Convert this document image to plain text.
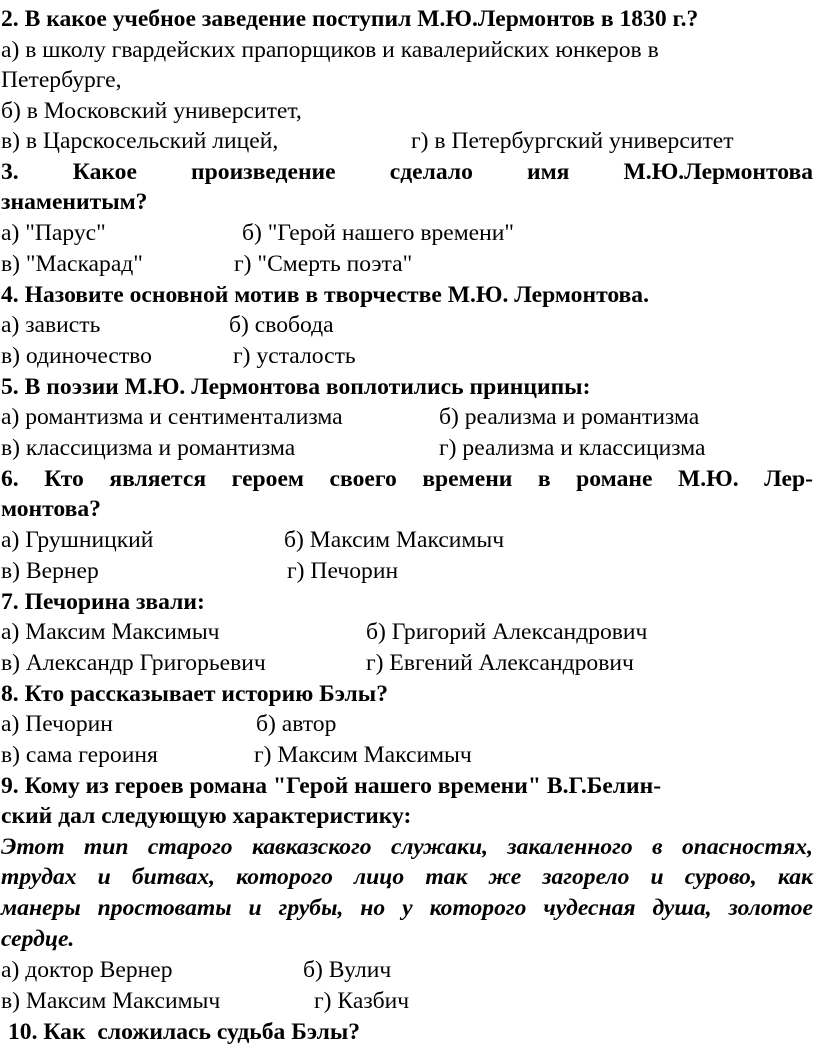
2. В какое учебное заведение поступил М.Ю.Лермонтов в 1830 г.?
а) в школу гвардейских прапорщиков и кавалерийских юнкеров в
Петербурге,
б) в Московский университет,
в) в Царскосельский лицей,	г) в Петербургский университет
3. Какое произведение сделало имя М.Ю.Лермонтова
знаменитым?
а) "Парус"	б) "Герой нашего времени"
в) "Маскарад"	г) "Смерть поэта"
4. Назовите основной мотив в творчестве М.Ю. Лермонтова.
а) зависть	б) свобода
в) одиночество	г) усталость
5. В поэзии М.Ю. Лермонтова воплотились принципы:
а) романтизма и сентиментализма	б) реализма и романтизма
в) классицизма и романтизма	г) реализма и классицизма
6. Кто является героем своего времени в романе М.Ю. Лер-
монтова?
а) Грушницкий	б) Максим Максимыч
в) Вернер	г) Печорин
7. Печорина звали:
а) Максим Максимыч	б) Григорий Александрович
в) Александр Григорьевич	г) Евгений Александрович
8. Кто рассказывает историю Бэлы?
а) Печорин	б) автор
в) сама героиня	г) Максим Максимыч
9. Кому из героев романа "Герой нашего времени" В.Г.Белин-
ский дал следующую характеристику:
Этот тип старого кавказского служаки, закаленного в опасностях,
трудах и битвах, которого лицо так же загорело и сурово, как
манеры простоваты и грубы, но у которого чудесная душа, золотое
сердце.
а) доктор Вернер	б) Вулич
в) Максим Максимыч	г) Казбич
10. Как  сложилась судьба Бэлы?
